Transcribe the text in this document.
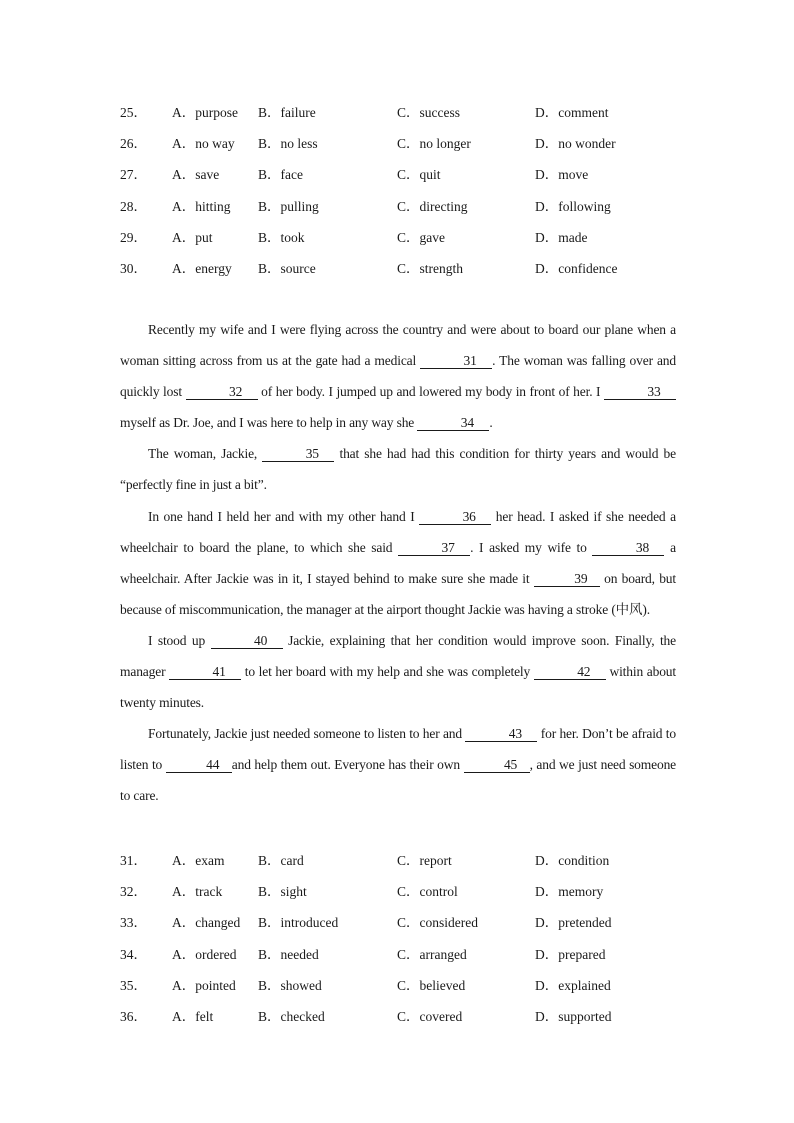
25． A．purpose B．failure	C．success	D．comment
26． A．no way B．no less	C．no longer	D．no wonder
27． A．save	B．face	C．quit	D．move
28． A．hitting B．pulling	C．directing	D．following
29． A．put	B．took	C．gave	D．made
30． A．energy B．source	C．strength	D．confidence

Recently my wife and I were flying across the country and were about to board our plane when a woman sitting across from us at the gate had a medical	31 . The woman was falling over and quickly lost	32 of her body. I jumped up and lowered my body in front of her. I	33 myself as Dr. Joe, and I was here to help in any way she	34 .

The woman, Jackie,	35 that she had had this condition for thirty years and would be “perfectly fine in just a bit”.

In one hand I held her and with my other hand I	36 her head. I asked if she needed a wheelchair to board the plane, to which she said	37 . I asked my wife to	38 a wheelchair. After Jackie was in it, I stayed behind to make sure she made it	39 on board, but because of miscommunication, the manager at the airport thought Jackie was having a stroke (中风).

I stood up	40 Jackie, explaining that her condition would improve soon. Finally, the manager	41 to let her board with my help and she was completely	42 within about twenty minutes.

Fortunately, Jackie just needed someone to listen to her and	43 for her. Don’t be afraid to listen to	44 and help them out. Everyone has their own	45 , and we just need someone to care.

31． A．exam B．card	C．report	D．condition
32． A．track	B．sight	C．control	D．memory
33． A．changed B．introduced	C．considered	D．pretended
34． A．ordered B．needed	C．arranged	D．prepared
35． A．pointed B．showed	C．believed	D．explained
36． A．felt	B．checked	C．covered	D．supported
